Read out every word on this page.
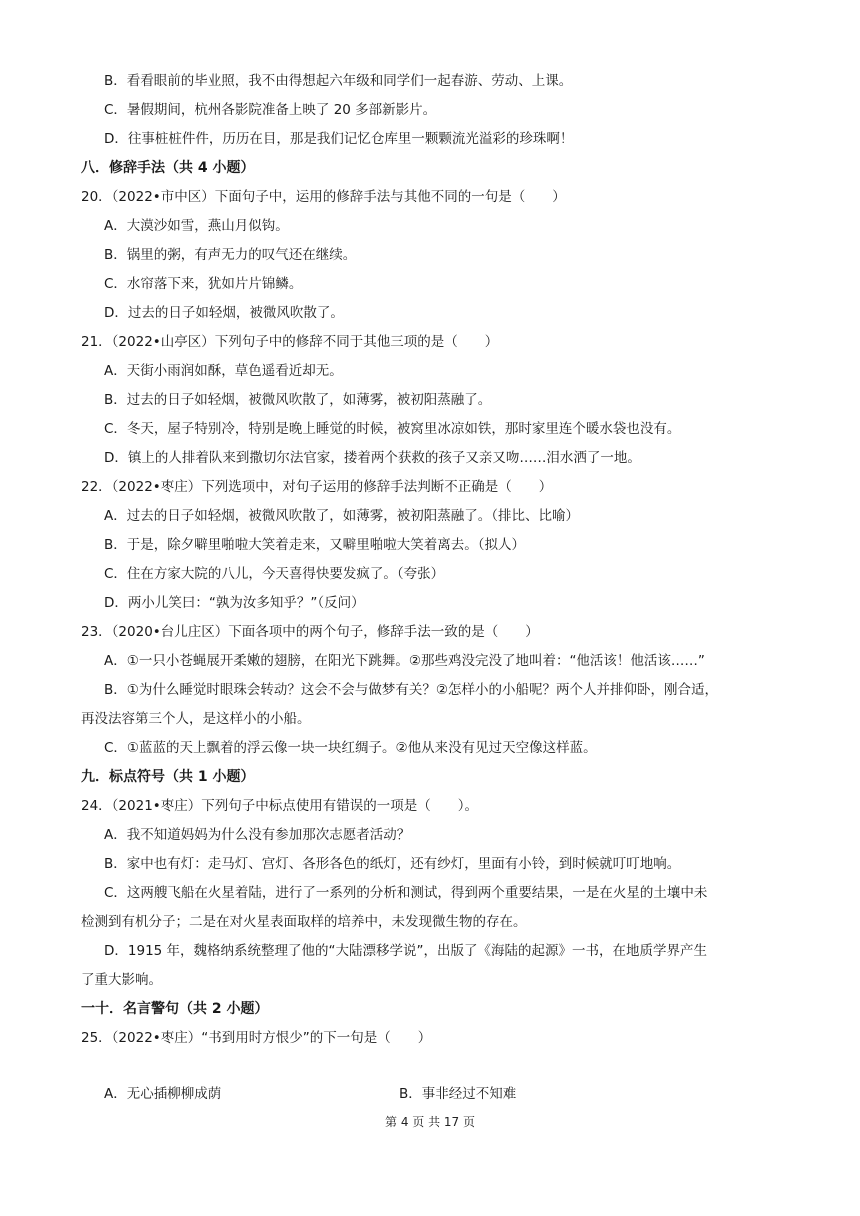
B．看看眼前的毕业照，我不由得想起六年级和同学们一起春游、劳动、上课。
C．暑假期间，杭州各影院准备上映了 20 多部新影片。
D．往事桩桩件件，历历在目，那是我们记忆仓库里一颗颗流光溢彩的珍珠啊！
八．修辞手法（共 4 小题）
20．（2022•市中区）下面句子中，运用的修辞手法与其他不同的一句是（　　）
A．大漠沙如雪，燕山月似钩。
B．锅里的粥，有声无力的叹气还在继续。
C．水帘落下来，犹如片片锦鳞。
D．过去的日子如轻烟，被微风吹散了。
21．（2022•山亭区）下列句子中的修辞不同于其他三项的是（　　）
A．天街小雨润如酥，草色遥看近却无。
B．过去的日子如轻烟，被微风吹散了，如薄雾，被初阳蒸融了。
C．冬天，屋子特别冷，特别是晚上睡觉的时候，被窝里冰凉如铁，那时家里连个暖水袋也没有。
D．镇上的人排着队来到撒切尔法官家，搂着两个获救的孩子又亲又吻……泪水洒了一地。
22．（2022•枣庄）下列选项中，对句子运用的修辞手法判断不正确是（　　）
A．过去的日子如轻烟，被微风吹散了，如薄雾，被初阳蒸融了。（排比、比喻）
B．于是，除夕噼里啪啦大笑着走来，又噼里啪啦大笑着离去。（拟人）
C．住在方家大院的八儿，今天喜得快要发疯了。（夸张）
D．两小儿笑曰：“孰为汝多知乎？”（反问）
23．（2020•台儿庄区）下面各项中的两个句子，修辞手法一致的是（　　）
A．①一只小苍蝇展开柔嫩的翅膀，在阳光下跳舞。②那些鸡没完没了地叫着：“他活该！他活该……”
B．①为什么睡觉时眼珠会转动？这会不会与做梦有关？②怎样小的小船呢？两个人并排仰卧，刚合适，
再没法容第三个人，是这样小的小船。
C．①蓝蓝的天上飘着的浮云像一块一块红绸子。②他从来没有见过天空像这样蓝。
九．标点符号（共 1 小题）
24．（2021•枣庄）下列句子中标点使用有错误的一项是（　　）。
A．我不知道妈妈为什么没有参加那次志愿者活动？
B．家中也有灯：走马灯、宫灯、各形各色的纸灯，还有纱灯，里面有小铃，到时候就叮叮地响。
C．这两艘飞船在火星着陆，进行了一系列的分析和测试，得到两个重要结果，一是在火星的土壤中未
检测到有机分子；二是在对火星表面取样的培养中，未发现微生物的存在。
D．1915 年，魏格纳系统整理了他的“大陆漂移学说”，出版了《海陆的起源》一书，在地质学界产生
了重大影响。
一十．名言警句（共 2 小题）
25．（2022•枣庄）“书到用时方恨少”的下一句是（　　）
A．无心插柳柳成荫	B．事非经过不知难
第 4 页 共 17 页
